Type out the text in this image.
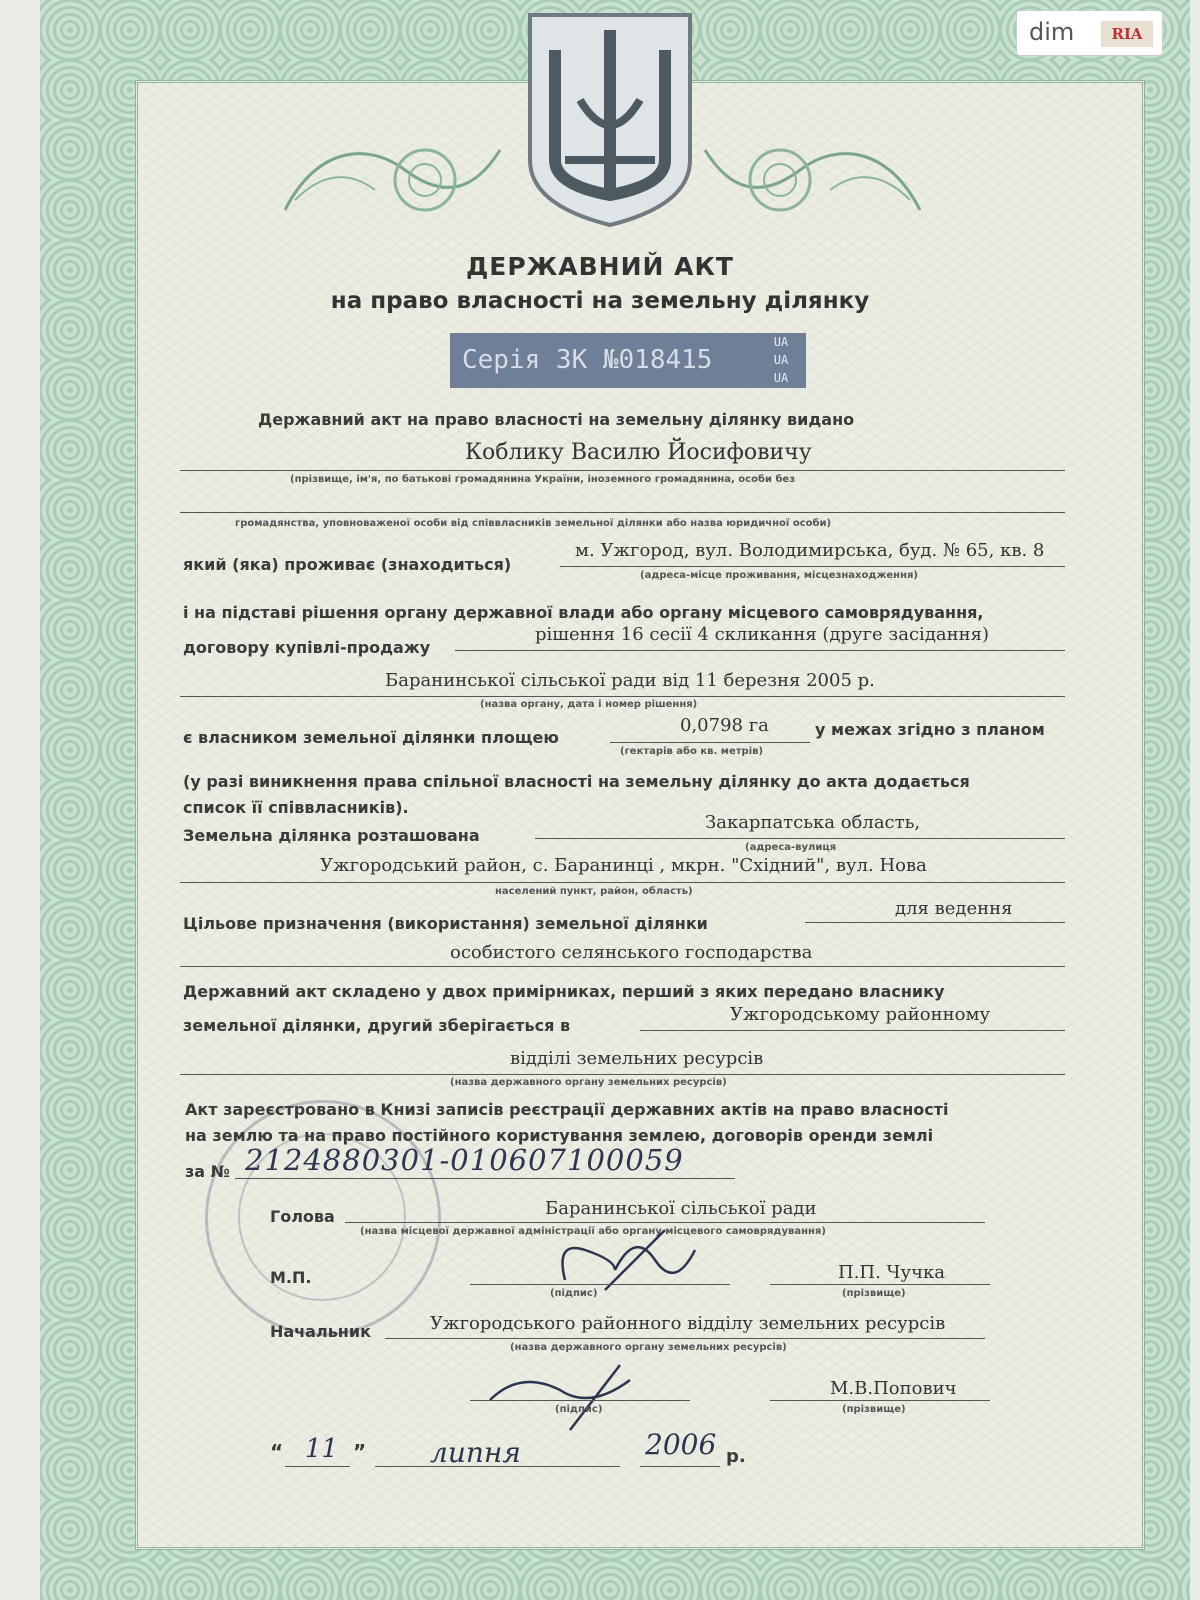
dim	RIA
ДЕРЖАВНИЙ АКТ
на право власності на земельну ділянку
Серія ЗК №018415
UA
UA
UA
Державний акт на право власності на земельну ділянку видано
Коблику Василю Йосифовичу
(прізвище, ім'я, по батькові громадянина України, іноземного громадянина, особи без
громадянства, уповноваженої особи від співвласників земельної ділянки або назва юридичної особи)
який (яка) проживає (знаходиться)
м. Ужгород, вул. Володимирська, буд. № 65, кв. 8
(адреса-місце проживання, місцезнаходження)
і на підставі рішення органу державної влади або органу місцевого самоврядування,
договору купівлі-продажу
рішення 16 сесії 4 скликання (друге засідання)
Баранинської сільської ради від 11 березня 2005 р.
(назва органу, дата і номер рішення)
є власником земельної ділянки площею
0,0798 га
(гектарів або кв. метрів)
у межах згідно з планом
(у разі виникнення права спільної власності на земельну ділянку до акта додається
список її співвласників).
Земельна ділянка розташована
Закарпатська область,
(адреса-вулиця
Ужгородський район, с. Баранинці , мкрн. "Східний", вул. Нова
населений пункт, район, область)
Цільове призначення (використання) земельної ділянки
для ведення
особистого селянського господарства
Державний акт складено у двох примірниках, перший з яких передано власнику
земельної ділянки, другий зберігається в
Ужгородському районному
відділі земельних ресурсів
(назва державного органу земельних ресурсів)
Акт зареєстровано в Книзі записів реєстрації державних актів на право власності
на землю та на право постійного користування землею, договорів оренди землі
за № 2124880301-010607100059
Голова	Баранинської сільської ради
(назва місцевої державної адміністрації або органу місцевого самоврядування)
М.П.
(підпис)
П.П. Чучка
(прізвище)
Начальник	Ужгородського районного відділу земельних ресурсів
(назва державного органу земельних ресурсів)
(підпис)
М.В.Попович
(прізвище)
“ 11 ” липня	2006 р.
